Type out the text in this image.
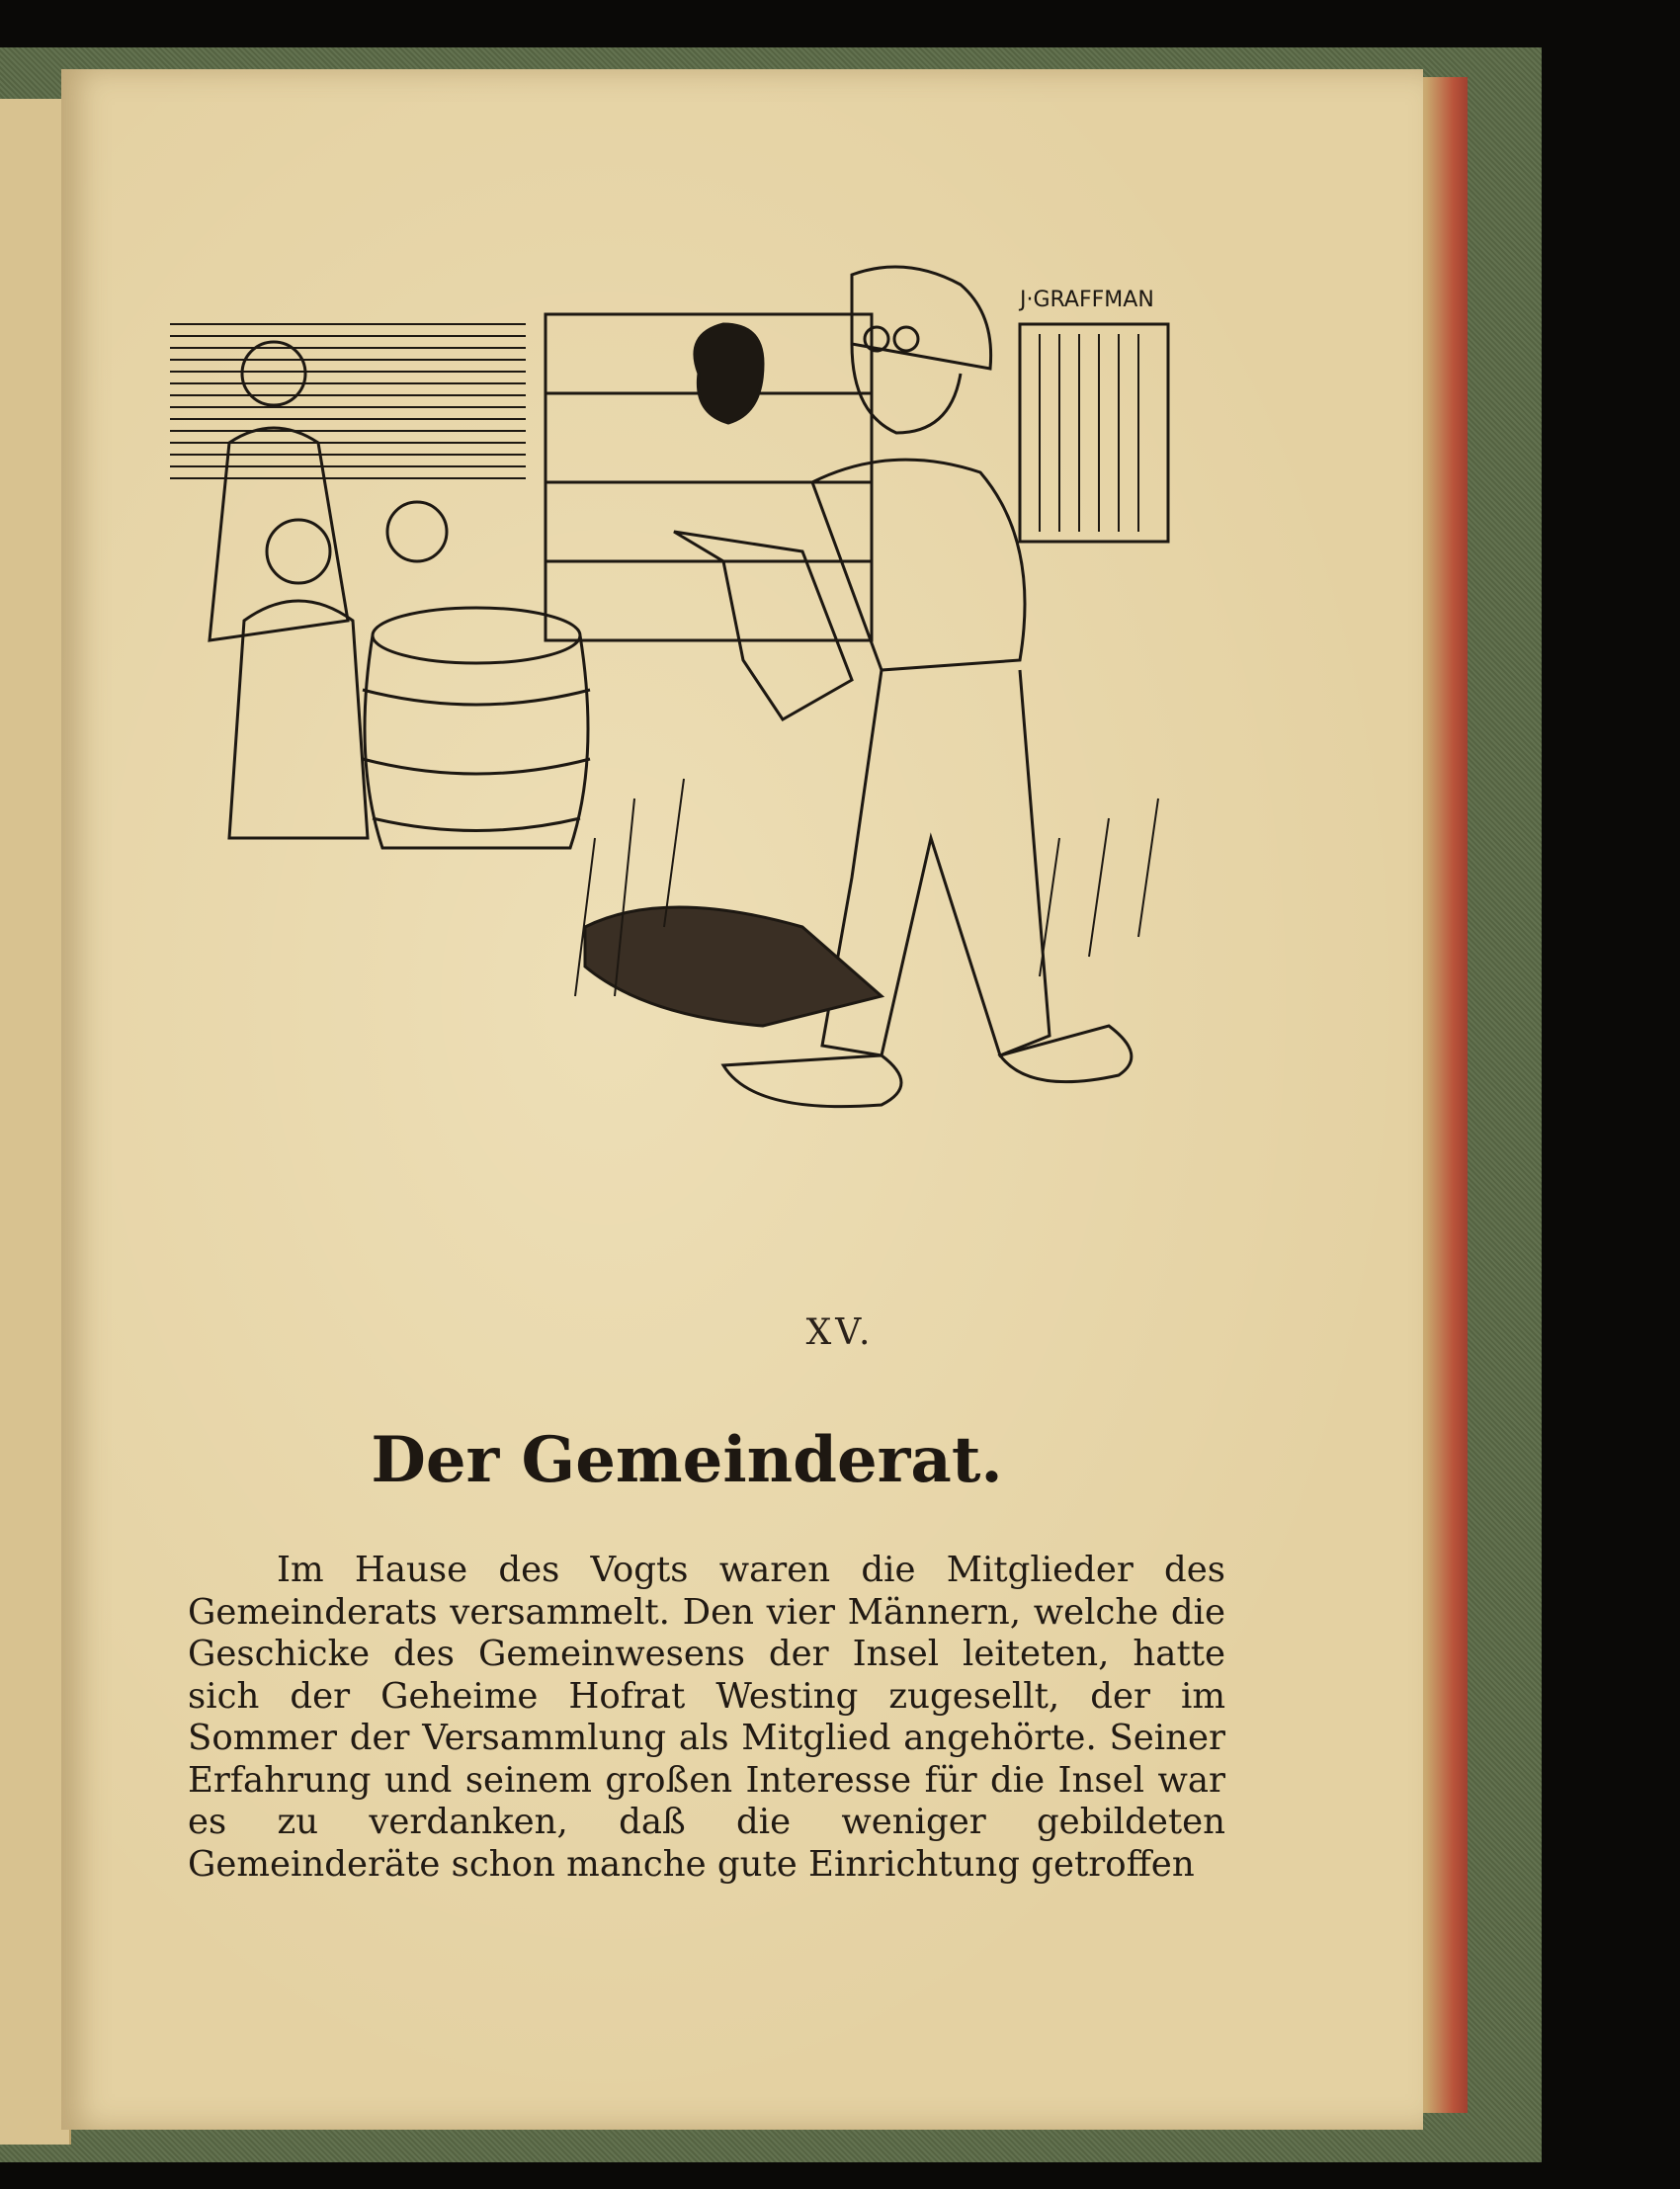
J·GRAFFMAN
XV.
Der Gemeinderat.

Im Hause des Vogts waren die Mitglieder des Gemeinderats versammelt. Den vier Männern, welche die Geschicke des Gemeinwesens der Insel leiteten, hatte sich der Geheime Hofrat Westing zugesellt, der im Sommer der Versammlung als Mitglied angehörte. Seiner Erfahrung und seinem großen Interesse für die Insel war es zu verdanken, daß die weniger gebildeten Gemeinderäte schon manche gute Einrichtung getroffen
